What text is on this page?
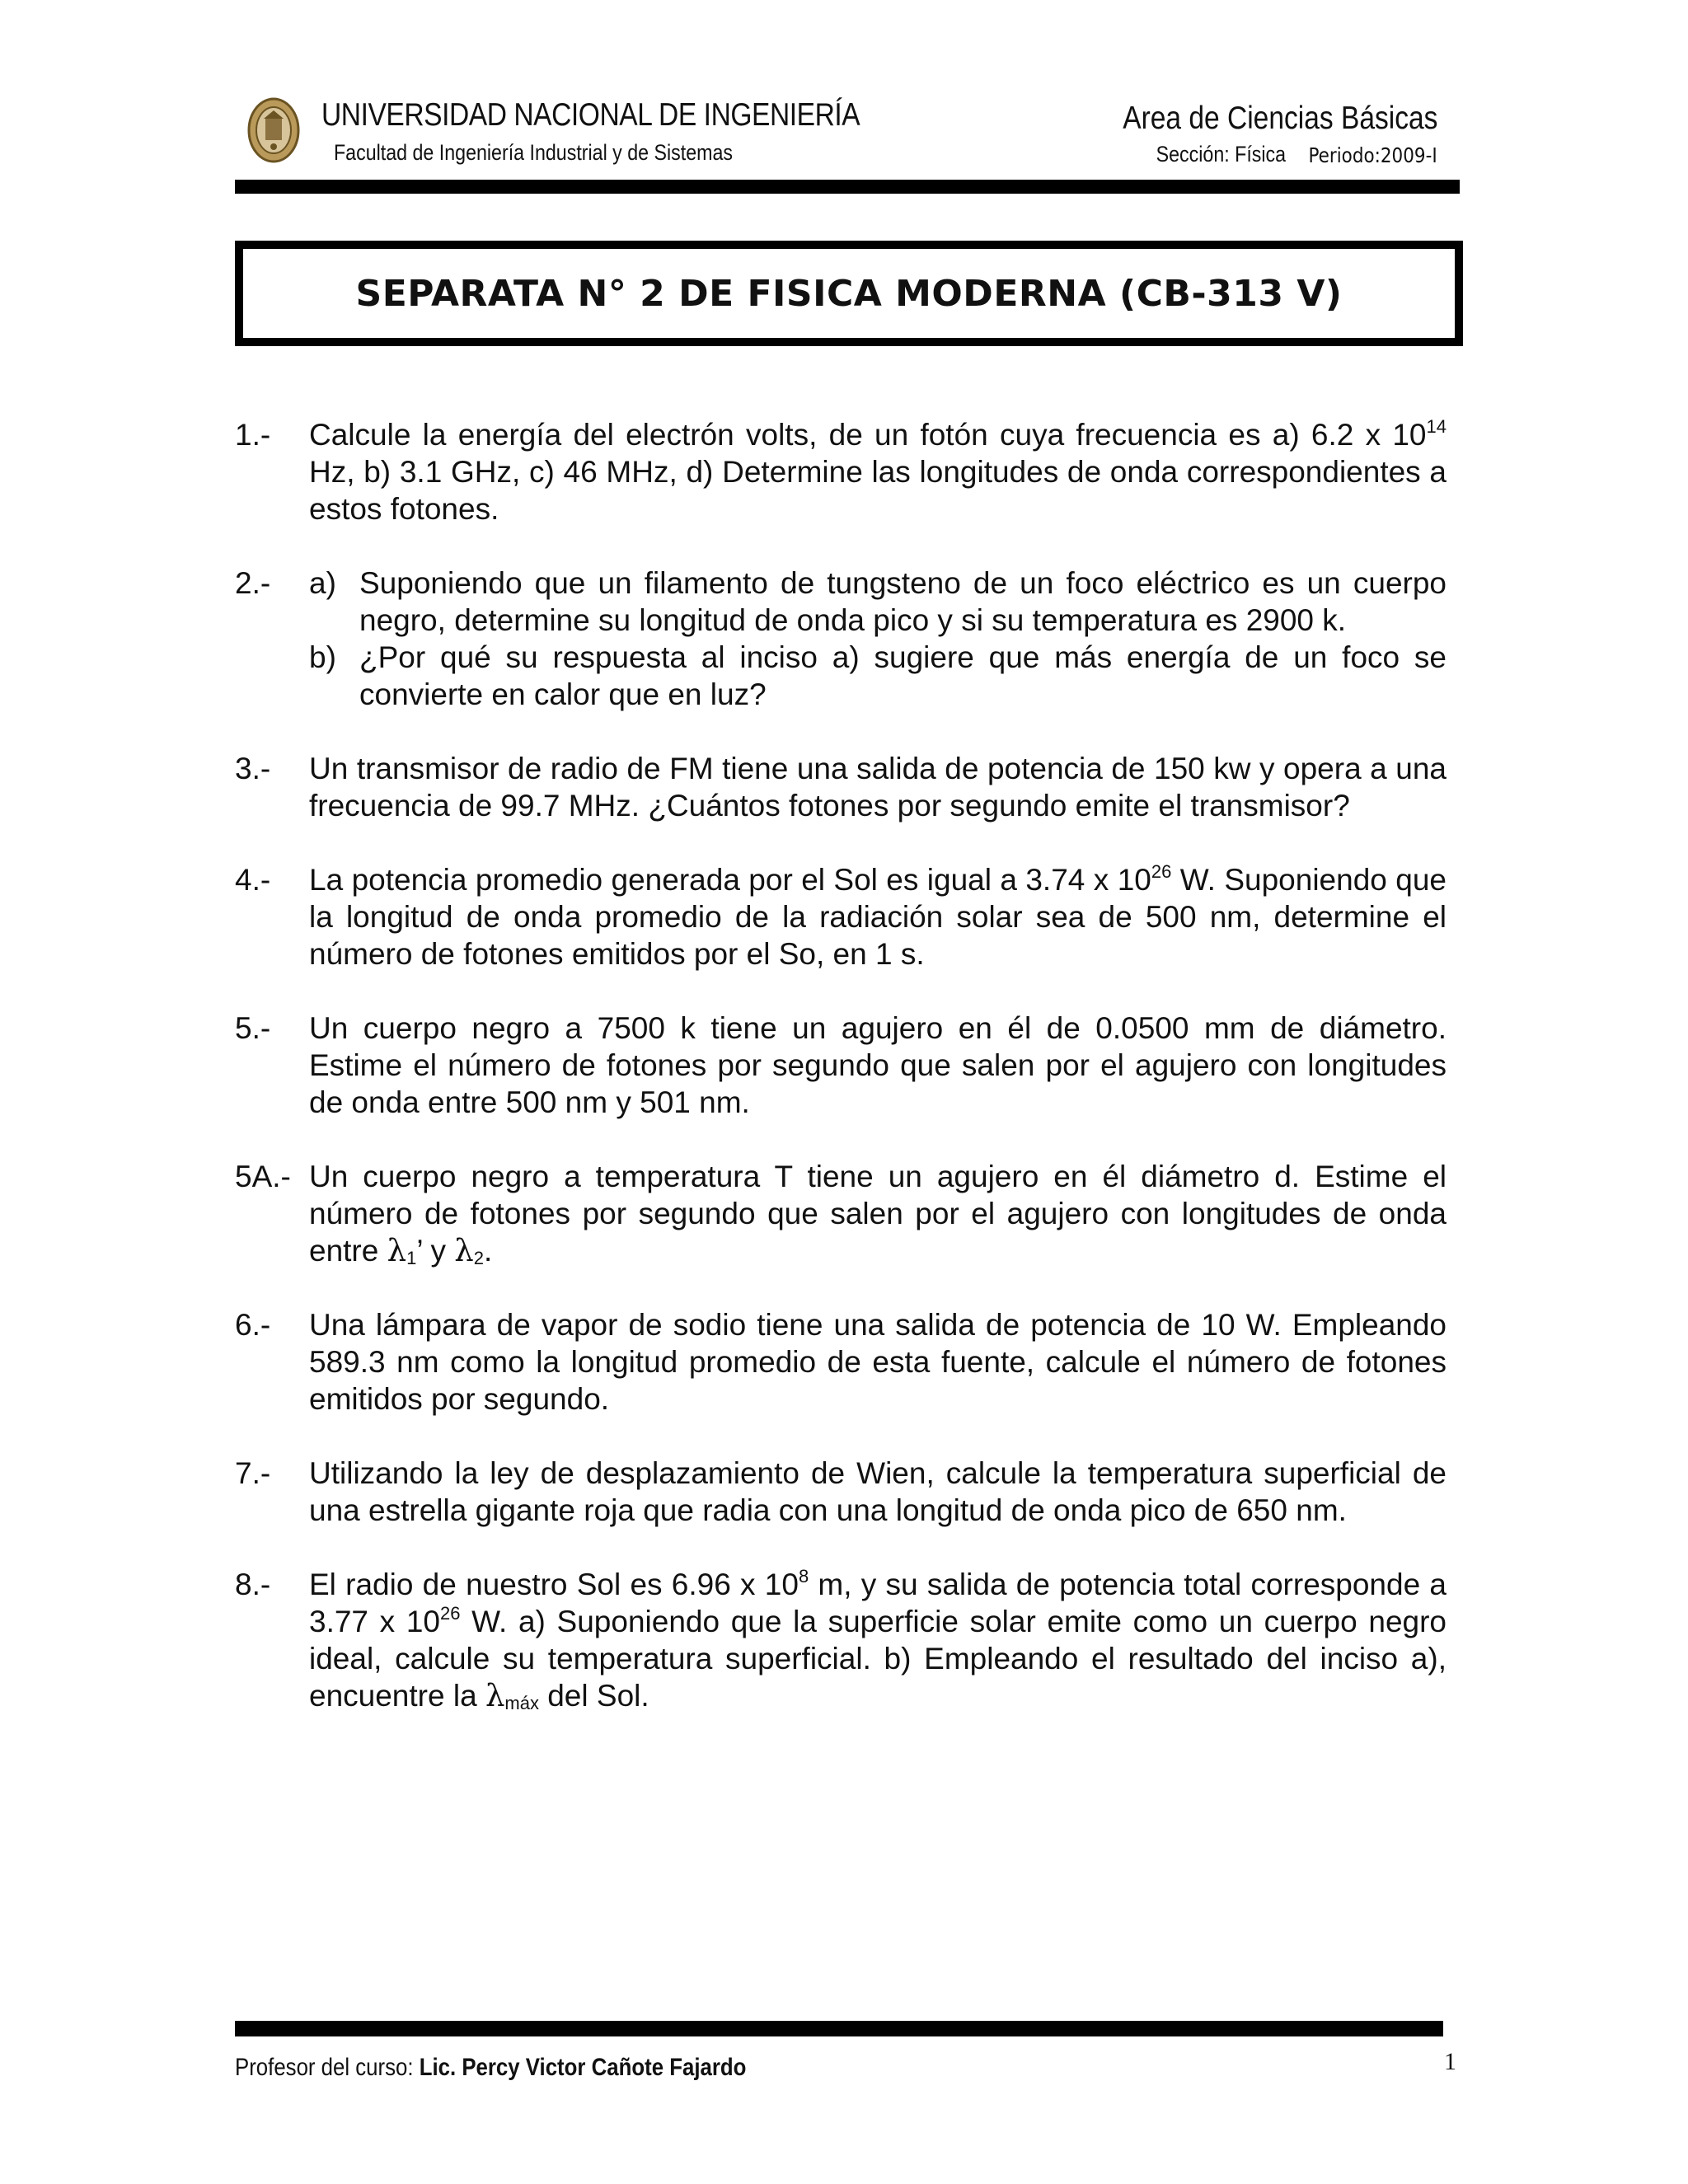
UNIVERSIDAD NACIONAL DE INGENIERÍA
Facultad de Ingeniería Industrial y de Sistemas
Area de Ciencias Básicas
Sección: Física Periodo:2009-I
SEPARATA N° 2 DE FISICA MODERNA (CB-313 V)
1.- Calcule la energía del electrón volts, de un fotón cuya frecuencia es a) 6.2 x $10^{14}$ Hz, b) 3.1 GHz, c) 46 MHz, d) Determine las longitudes de onda correspondientes a estos fotones.
2.- a) Suponiendo que un filamento de tungsteno de un foco eléctrico es un cuerpo negro, determine su longitud de onda pico y si su temperatura es 2900 k.
b) ¿Por qué su respuesta al inciso a) sugiere que más energía de un foco se convierte en calor que en luz?
3.- Un transmisor de radio de FM tiene una salida de potencia de 150 kw y opera a una frecuencia de 99.7 MHz. ¿Cuántos fotones por segundo emite el transmisor?
4.- La potencia promedio generada por el Sol es igual a 3.74 x $10^{26}$ W. Suponiendo que la longitud de onda promedio de la radiación solar sea de 500 nm, determine el número de fotones emitidos por el So, en 1 s.
5.- Un cuerpo negro a 7500 k tiene un agujero en él de 0.0500 mm de diámetro. Estime el número de fotones por segundo que salen por el agujero con longitudes de onda entre 500 nm y 501 nm.
5A.- Un cuerpo negro a temperatura T tiene un agujero en él diámetro d. Estime el número de fotones por segundo que salen por el agujero con longitudes de onda entre $\lambda_1$’ y $\lambda_2$.
6.- Una lámpara de vapor de sodio tiene una salida de potencia de 10 W. Empleando 589.3 nm como la longitud promedio de esta fuente, calcule el número de fotones emitidos por segundo.
7.- Utilizando la ley de desplazamiento de Wien, calcule la temperatura superficial de una estrella gigante roja que radia con una longitud de onda pico de 650 nm.
8.- El radio de nuestro Sol es 6.96 x $10^8$ m, y su salida de potencia total corresponde a 3.77 x $10^{26}$ W. a) Suponiendo que la superficie solar emite como un cuerpo negro ideal, calcule su temperatura superficial. b) Empleando el resultado del inciso a), encuentre la $\lambda_{máx}$ del Sol.
Profesor del curso: Lic. Percy Victor Cañote Fajardo	1
